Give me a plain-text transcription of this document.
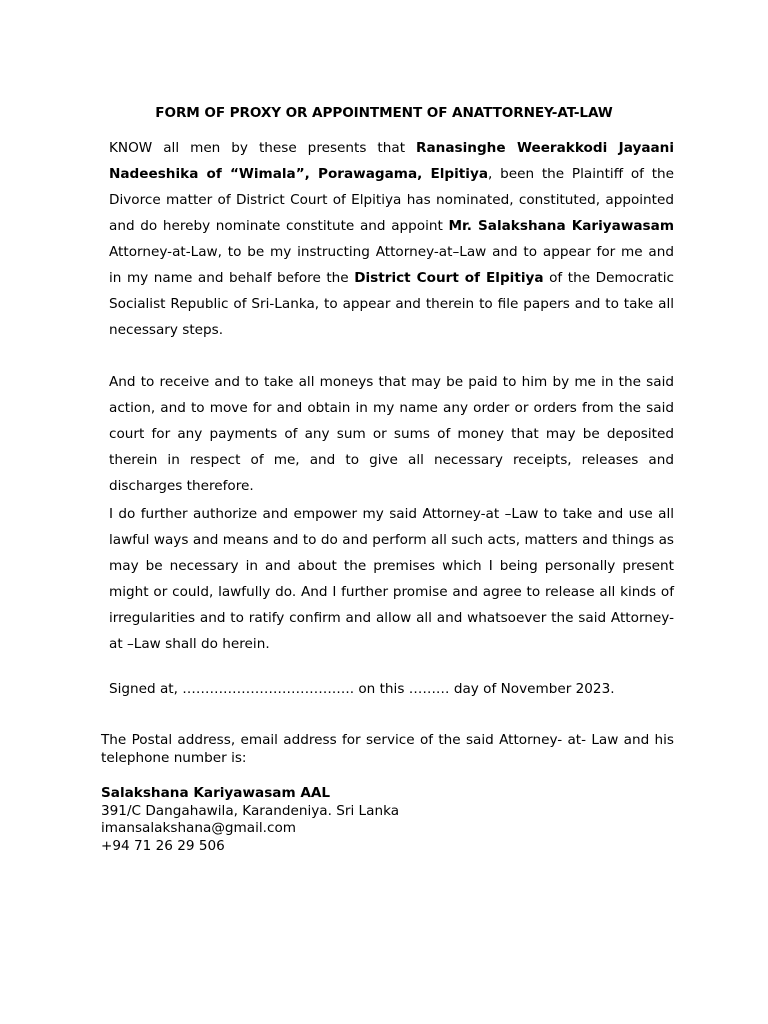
FORM OF PROXY OR APPOINTMENT OF ANATTORNEY-AT-LAW
KNOW all men by these presents that Ranasinghe Weerakkodi Jayaani Nadeeshika of “Wimala”, Porawagama, Elpitiya, been the Plaintiff of the Divorce matter of District Court of Elpitiya has nominated, constituted, appointed and do hereby nominate constitute and appoint Mr. Salakshana Kariyawasam Attorney-at-Law, to be my instructing Attorney-at–Law and to appear for me and in my name and behalf before the District Court of Elpitiya of the Democratic Socialist Republic of Sri-Lanka, to appear and therein to file papers and to take all necessary steps.
And to receive and to take all moneys that may be paid to him by me in the said action, and to move for and obtain in my name any order or orders from the said court for any payments of any sum or sums of money that may be deposited therein in respect of me, and to give all necessary receipts, releases and discharges therefore.
I do further authorize and empower my said Attorney-at –Law to take and use all lawful ways and means and to do and perform all such acts, matters and things as may be necessary in and about the premises which I being personally present might or could, lawfully do. And I further promise and agree to release all kinds of irregularities and to ratify confirm and allow all and whatsoever the said Attorney-at –Law shall do herein.
Signed at, ……………………………….. on this ……… day of November 2023.
The Postal address, email address for service of the said Attorney- at- Law and his telephone number is:
Salakshana Kariyawasam AAL
391/C Dangahawila, Karandeniya. Sri Lanka
imansalakshana@gmail.com
+94 71 26 29 506
